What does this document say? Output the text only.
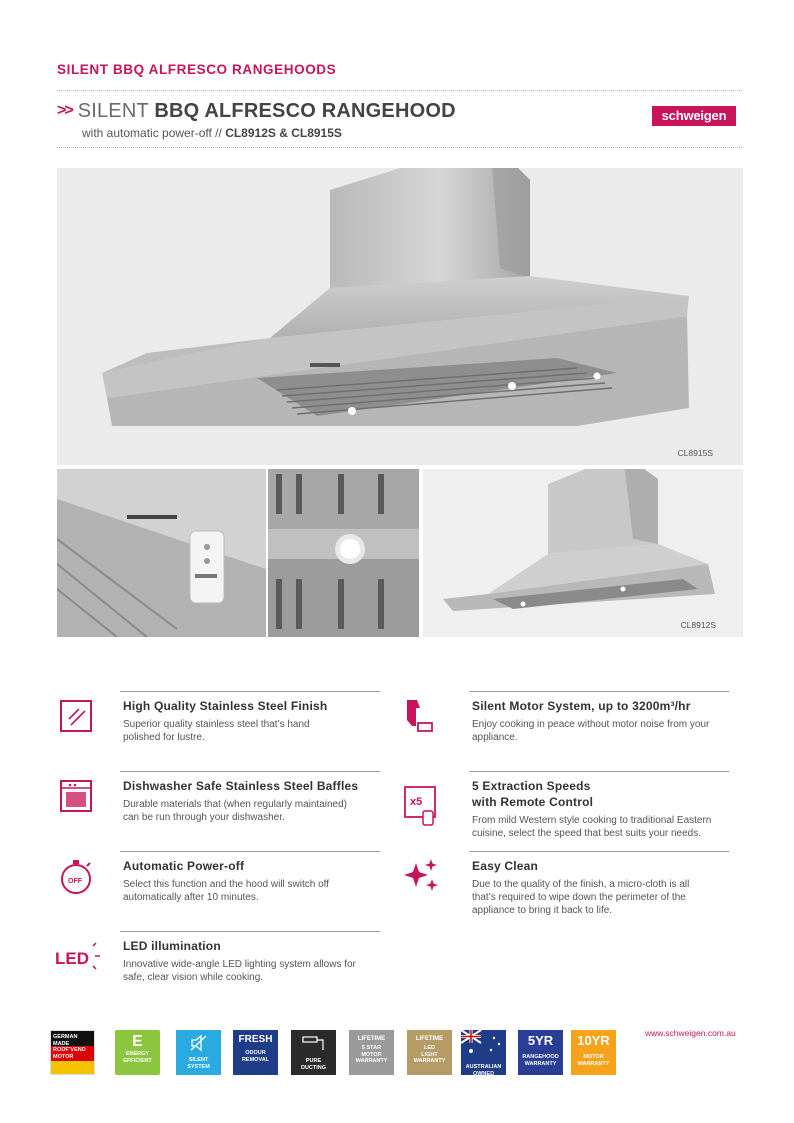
SILENT BBQ ALFRESCO RANGEHOODS
>> SILENT BBQ ALFRESCO RANGEHOOD
with automatic power-off // CL8912S & CL8915S
schweigen
CL8915S
CL8912S
High Quality Stainless Steel Finish
Superior quality stainless steel that’s hand
polished for lustre.
Silent Motor System, up to 3200m³/hr
Enjoy cooking in peace without motor noise from your
appliance.
Dishwasher Safe Stainless Steel Baffles
Durable materials that (when regularly maintained)
can be run through your dishwasher.
x5
5 Extraction Speeds
with Remote Control
From mild Western style cooking to traditional Eastern
cuisine, select the speed that best suits your needs.
OFF
Automatic Power-off
Select this function and the hood will switch off
automatically after 10 minutes.
Easy Clean
Due to the quality of the finish, a micro-cloth is all
that’s required to wipe down the perimeter of the
appliance to bring it back to life.
LED
LED illumination
Innovative wide-angle LED lighting system allows for
safe, clear vision while cooking.
GERMAN
MADE
ROOF’VEND
MOTOR
E
ENERGY
EFFICIENT	SILENT
SYSTEM
FRESH
ODOUR
REMOVAL	PURE
DUCTING
LIFETIME
5 STAR
MOTOR
WARRANTY
LIFETIME
LED
LIGHT
WARRANTY
AUSTRALIAN
OWNED
5YR
RANGEHOOD
WARRANTY
10YR
MOTOR
WARRANTY
www.schweigen.com.au
